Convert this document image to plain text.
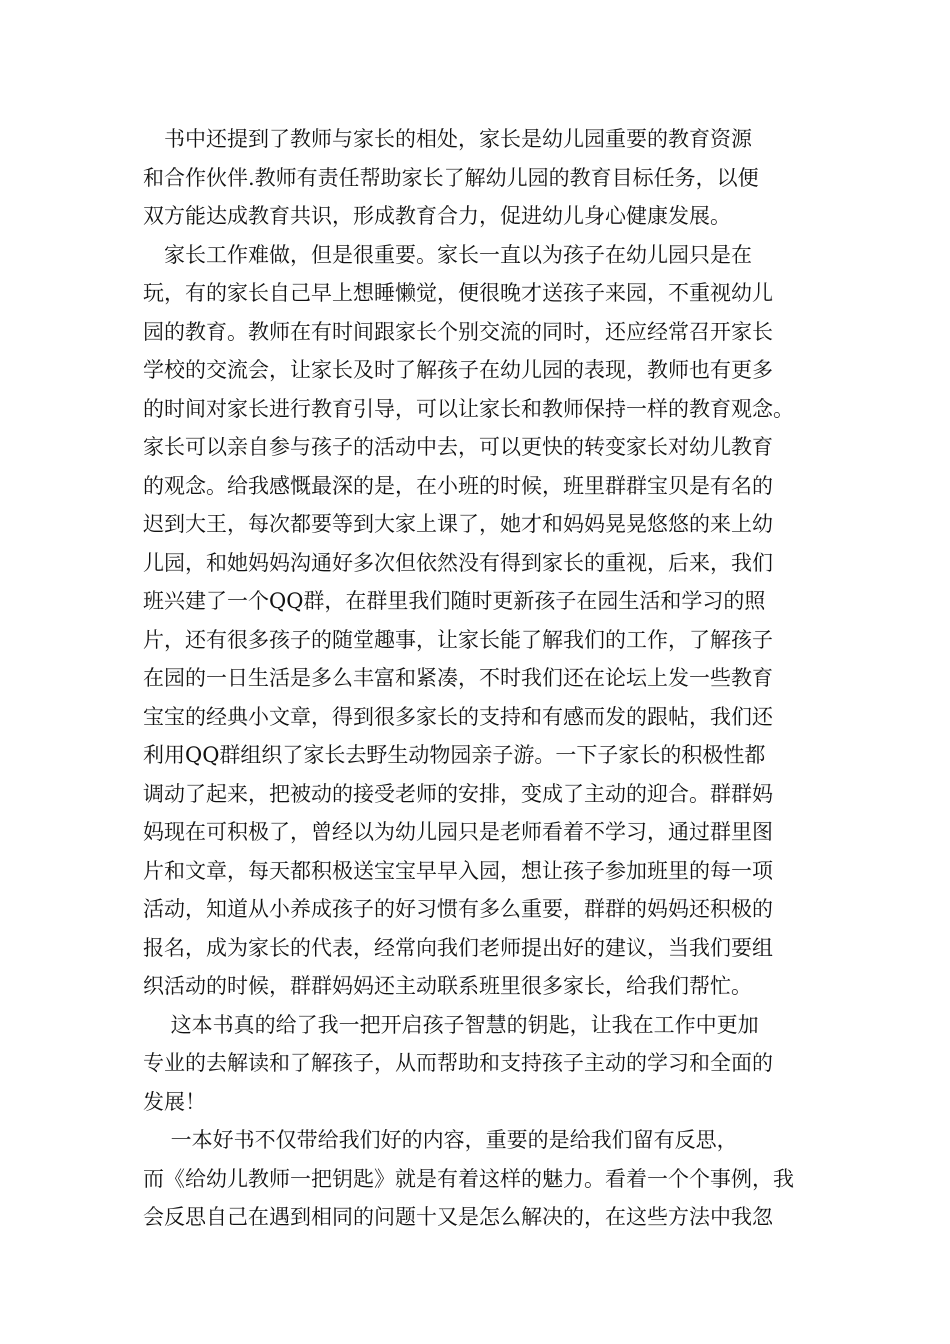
　书中还提到了教师与家长的相处，家长是幼儿园重要的教育资源
和合作伙伴.教师有责任帮助家长了解幼儿园的教育目标任务，以便
双方能达成教育共识，形成教育合力，促进幼儿身心健康发展。
　家长工作难做，但是很重要。家长一直以为孩子在幼儿园只是在
玩，有的家长自己早上想睡懒觉，便很晚才送孩子来园，不重视幼儿
园的教育。教师在有时间跟家长个别交流的同时，还应经常召开家长
学校的交流会，让家长及时了解孩子在幼儿园的表现，教师也有更多
的时间对家长进行教育引导，可以让家长和教师保持一样的教育观念。
家长可以亲自参与孩子的活动中去，可以更快的转变家长对幼儿教育
的观念。给我感慨最深的是，在小班的时候，班里群群宝贝是有名的
迟到大王，每次都要等到大家上课了，她才和妈妈晃晃悠悠的来上幼
儿园，和她妈妈沟通好多次但依然没有得到家长的重视，后来，我们
班兴建了一个QQ群，在群里我们随时更新孩子在园生活和学习的照
片，还有很多孩子的随堂趣事，让家长能了解我们的工作，了解孩子
在园的一日生活是多么丰富和紧凑，不时我们还在论坛上发一些教育
宝宝的经典小文章，得到很多家长的支持和有感而发的跟帖，我们还
利用QQ群组织了家长去野生动物园亲子游。一下子家长的积极性都
调动了起来，把被动的接受老师的安排，变成了主动的迎合。群群妈
妈现在可积极了，曾经以为幼儿园只是老师看着不学习，通过群里图
片和文章，每天都积极送宝宝早早入园，想让孩子参加班里的每一项
活动，知道从小养成孩子的好习惯有多么重要，群群的妈妈还积极的
报名，成为家长的代表，经常向我们老师提出好的建议，当我们要组
织活动的时候，群群妈妈还主动联系班里很多家长，给我们帮忙。
　 这本书真的给了我一把开启孩子智慧的钥匙，让我在工作中更加
专业的去解读和了解孩子，从而帮助和支持孩子主动的学习和全面的
发展！
　 一本好书不仅带给我们好的内容，重要的是给我们留有反思，
而《给幼儿教师一把钥匙》就是有着这样的魅力。看着一个个事例，我
会反思自己在遇到相同的问题十又是怎么解决的，在这些方法中我忽
